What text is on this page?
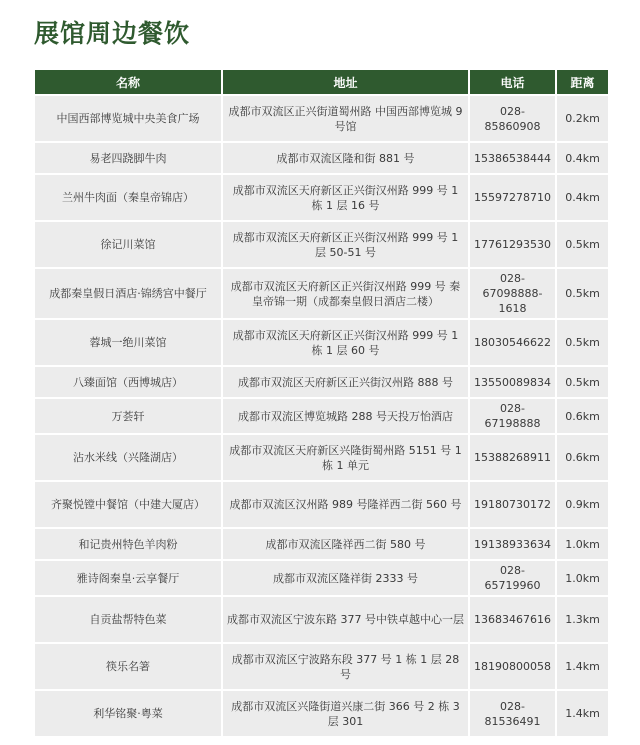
展馆周边餐饮
名称	地址	电话	距离
中国西部博览城中央美食广场	成都市双流区正兴街道蜀州路 中国西部博览城 9 号馆	028-85860908	0.2km
易老四跷脚牛肉	成都市双流区隆和街 881 号	15386538444	0.4km
兰州牛肉面（秦皇帝锦店）	成都市双流区天府新区正兴街汉州路 999 号 1 栋 1 层 16 号	15597278710	0.4km
徐记川菜馆	成都市双流区天府新区正兴街汉州路 999 号 1 层 50-51 号	17761293530	0.5km
成都秦皇假日酒店·锦绣宫中餐厅	成都市双流区天府新区正兴街汉州路 999 号 秦皇帝锦一期（成都秦皇假日酒店二楼）	028-67098888-1618	0.5km
蓉城一绝川菜馆	成都市双流区天府新区正兴街汉州路 999 号 1 栋 1 层 60 号	18030546622	0.5km
八臻面馆（西博城店）	成都市双流区天府新区正兴街汉州路 888 号	13550089834	0.5km
万荟轩	成都市双流区博览城路 288 号天投万怡酒店	028-67198888	0.6km
沾水米线（兴隆湖店）	成都市双流区天府新区兴隆街蜀州路 5151 号 1 栋 1 单元	15388268911	0.6km
齐聚悦镗中餐馆（中建大厦店）	成都市双流区汉州路 989 号隆祥西二街 560 号	19180730172	0.9km
和记贵州特色羊肉粉	成都市双流区隆祥西二街 580 号	19138933634	1.0km
雅诗阁秦皇·云享餐厅	成都市双流区隆祥街 2333 号	028-65719960	1.0km
自贡盐帮特色菜	成都市双流区宁波东路 377 号中铁卓越中心一层	13683467616	1.3km
筷乐名箸	成都市双流区宁波路东段 377 号 1 栋 1 层 28 号	18190800058	1.4km
利华铭聚·粤菜	成都市双流区兴隆街道兴康二街 366 号 2 栋 3 层 301	028-81536491	1.4km
